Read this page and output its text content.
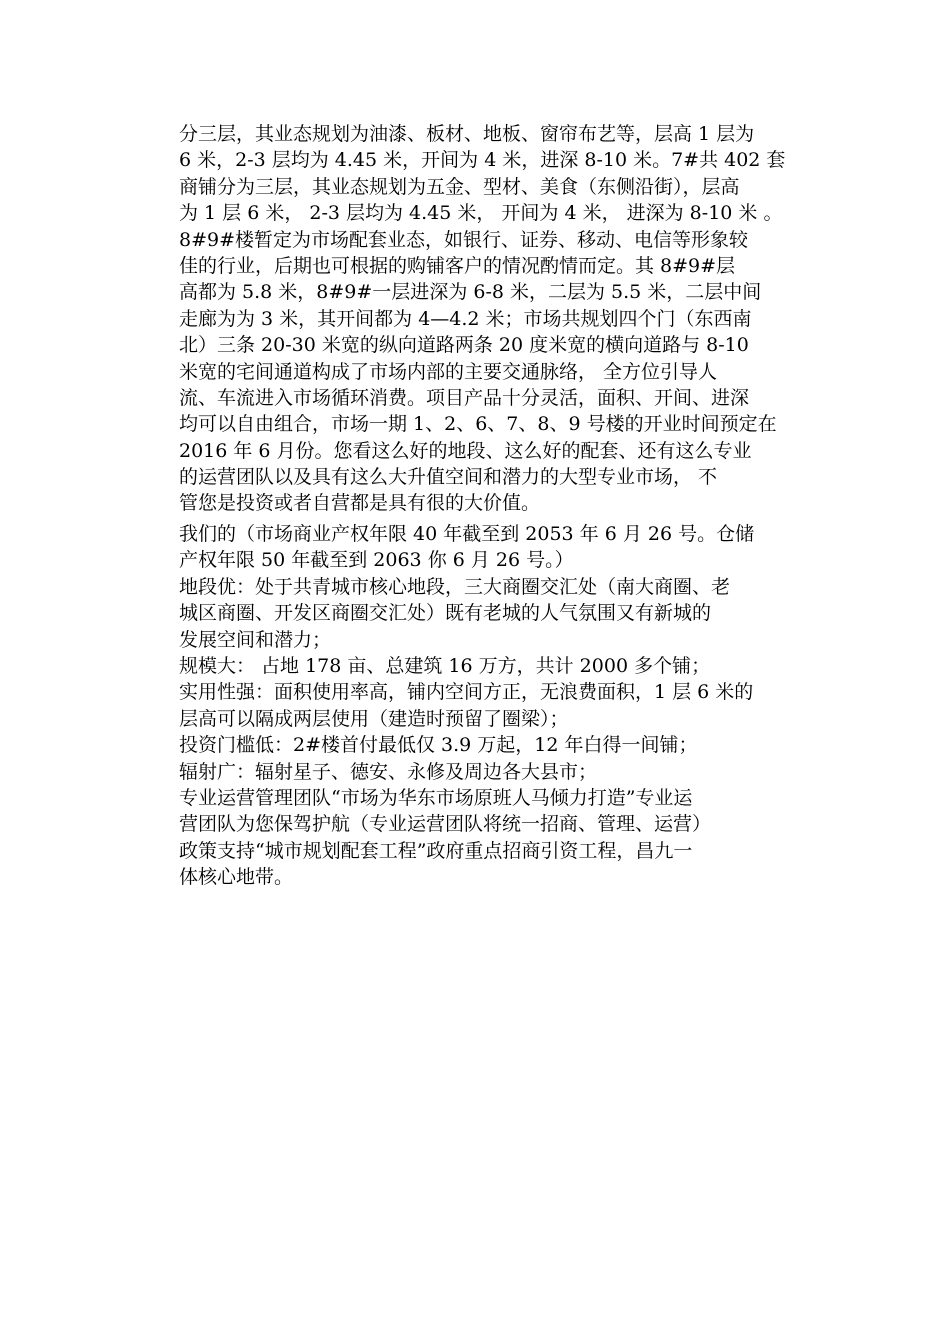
分三层，其业态规划为油漆、板材、地板、窗帘布艺等，层高 1 层为
6 米，2-3 层均为 4.45 米，开间为 4 米，进深 8-10 米。7#共 402 套
商铺分为三层，其业态规划为五金、型材、美食（东侧沿街），层高
为 1 层 6 米， 2-3 层均为 4.45 米， 开间为 4 米， 进深为 8-10 米 。
8#9#楼暂定为市场配套业态，如银行、证券、移动、电信等形象较
佳的行业，后期也可根据的购铺客户的情况酌情而定。其 8#9#层
高都为 5.8 米，8#9#一层进深为 6-8 米，二层为 5.5 米，二层中间
走廊为为 3 米，其开间都为 4—4.2 米；市场共规划四个门（东西南
北）三条 20-30 米宽的纵向道路两条 20 度米宽的横向道路与 8-10
米宽的宅间通道构成了市场内部的主要交通脉络， 全方位引导人
流、车流进入市场循环消费。项目产品十分灵活，面积、开间、进深
均可以自由组合，市场一期 1、2、6、7、8、9 号楼的开业时间预定在
2016 年 6 月份。您看这么好的地段、这么好的配套、还有这么专业
的运营团队以及具有这么大升值空间和潜力的大型专业市场， 不
管您是投资或者自营都是具有很的大价值。
我们的（市场商业产权年限 40 年截至到 2053 年 6 月 26 号。仓储
产权年限 50 年截至到 2063 你 6 月 26 号。）
地段优：处于共青城市核心地段，三大商圈交汇处（南大商圈、老
城区商圈、开发区商圈交汇处）既有老城的人气氛围又有新城的
发展空间和潜力；
规模大： 占地 178 亩、总建筑 16 万方，共计 2000 多个铺；
实用性强：面积使用率高，铺内空间方正，无浪费面积，1 层 6 米的
层高可以隔成两层使用（建造时预留了圈梁）；
投资门槛低：2#楼首付最低仅 3.9 万起，12 年白得一间铺；
辐射广：辐射星子、德安、永修及周边各大县市；
专业运营管理团队“市场为华东市场原班人马倾力打造”专业运
营团队为您保驾护航（专业运营团队将统一招商、管理、运营）
政策支持“城市规划配套工程”政府重点招商引资工程，昌九一
体核心地带。
